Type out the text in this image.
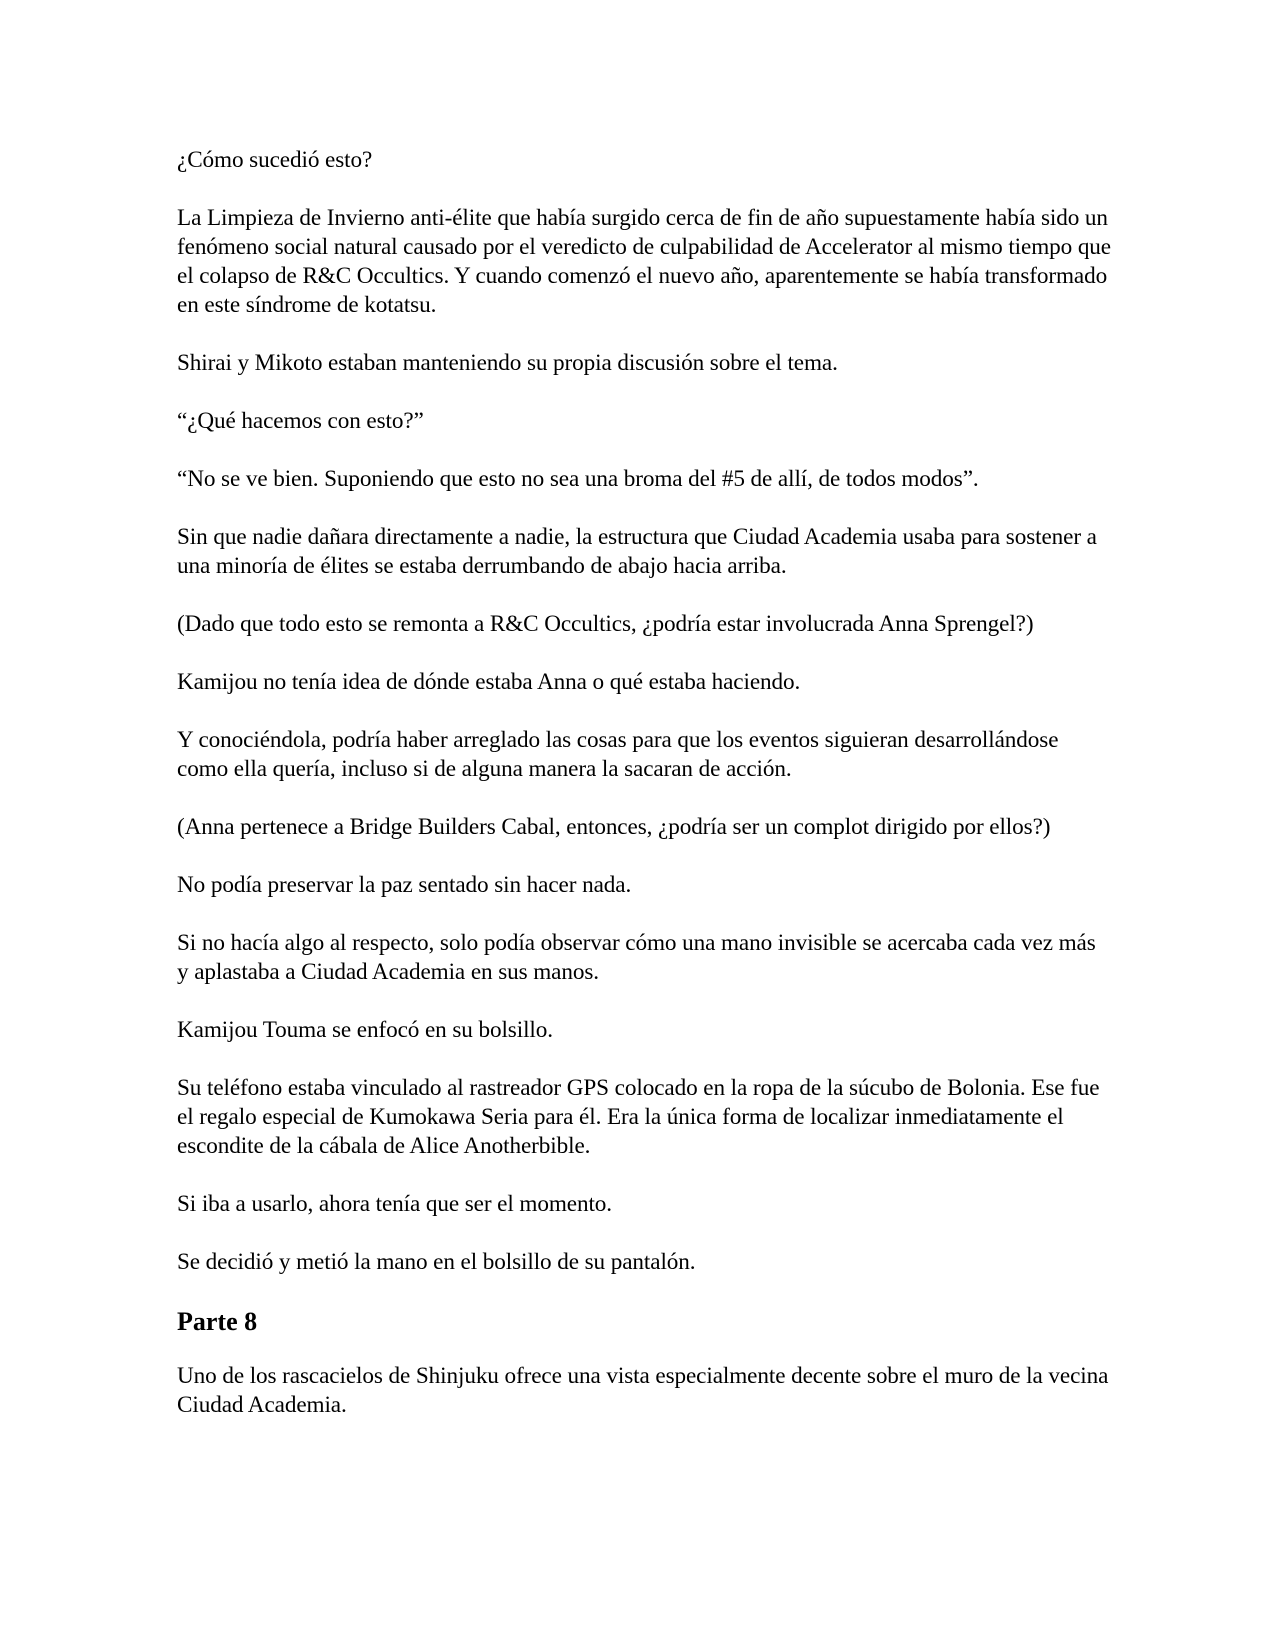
¿Cómo sucedió esto?

La Limpieza de Invierno anti-élite que había surgido cerca de fin de año supuestamente había sido un fenómeno social natural causado por el veredicto de culpabilidad de Accelerator al mismo tiempo que el colapso de R&C Occultics. Y cuando comenzó el nuevo año, aparentemente se había transformado en este síndrome de kotatsu.

Shirai y Mikoto estaban manteniendo su propia discusión sobre el tema.

“¿Qué hacemos con esto?”

“No se ve bien. Suponiendo que esto no sea una broma del #5 de allí, de todos modos”.

Sin que nadie dañara directamente a nadie, la estructura que Ciudad Academia usaba para sostener a una minoría de élites se estaba derrumbando de abajo hacia arriba.

(Dado que todo esto se remonta a R&C Occultics, ¿podría estar involucrada Anna Sprengel?)

Kamijou no tenía idea de dónde estaba Anna o qué estaba haciendo.

Y conociéndola, podría haber arreglado las cosas para que los eventos siguieran desarrollándose como ella quería, incluso si de alguna manera la sacaran de acción.

(Anna pertenece a Bridge Builders Cabal, entonces, ¿podría ser un complot dirigido por ellos?)

No podía preservar la paz sentado sin hacer nada.

Si no hacía algo al respecto, solo podía observar cómo una mano invisible se acercaba cada vez más y aplastaba a Ciudad Academia en sus manos.

Kamijou Touma se enfocó en su bolsillo.

Su teléfono estaba vinculado al rastreador GPS colocado en la ropa de la súcubo de Bolonia. Ese fue el regalo especial de Kumokawa Seria para él. Era la única forma de localizar inmediatamente el escondite de la cábala de Alice Anotherbible.

Si iba a usarlo, ahora tenía que ser el momento.

Se decidió y metió la mano en el bolsillo de su pantalón.

Parte 8

Uno de los rascacielos de Shinjuku ofrece una vista especialmente decente sobre el muro de la vecina Ciudad Academia.
